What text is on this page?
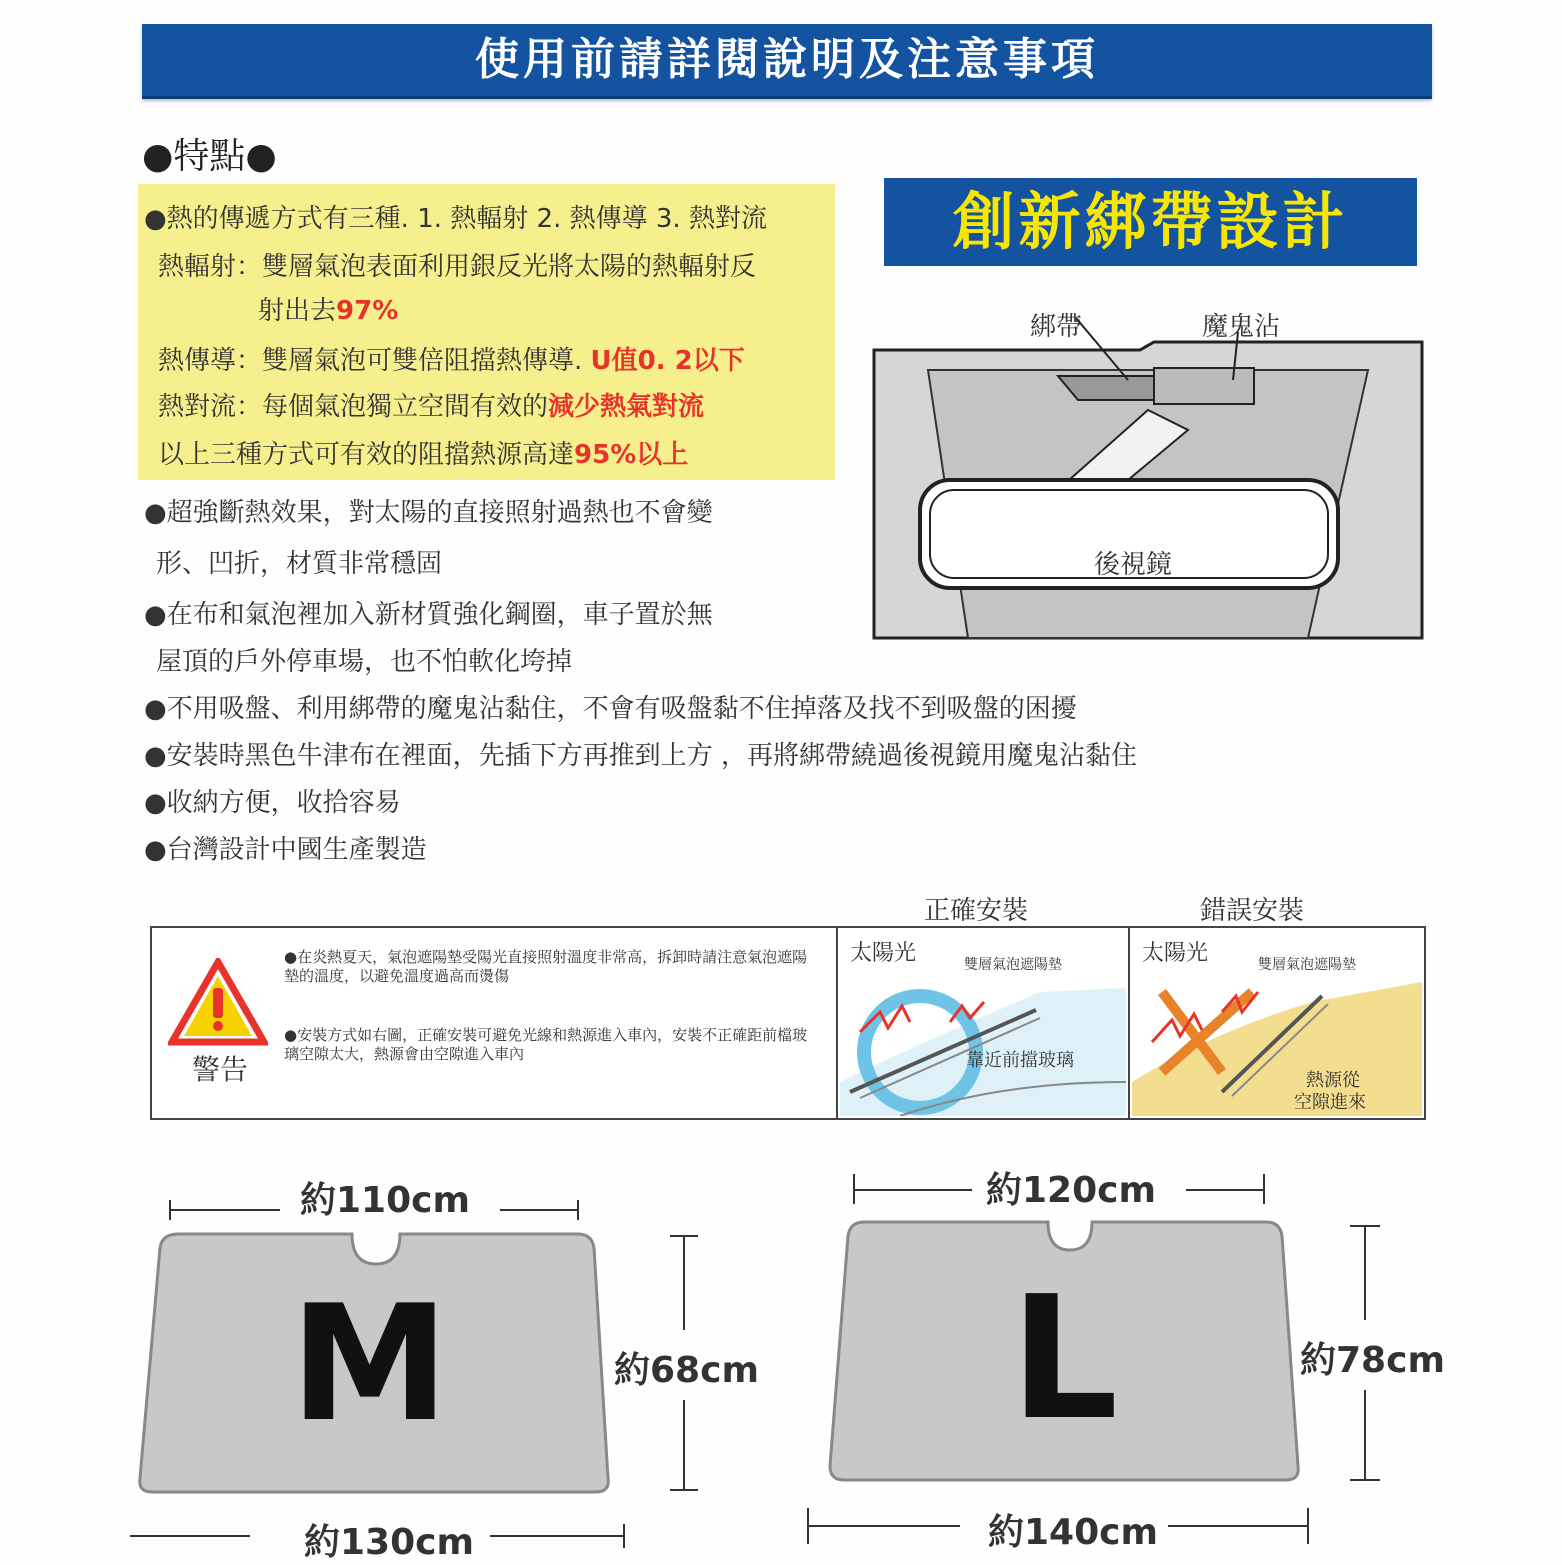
使用前請詳閱說明及注意事項
●特點●
●熱的傳遞方式有三種. 1. 熱輻射 2. 熱傳導 3. 熱對流
熱輻射：雙層氣泡表面利用銀反光將太陽的熱輻射反
射出去97%
熱傳導：雙層氣泡可雙倍阻擋熱傳導. U值0. 2以下
熱對流：每個氣泡獨立空間有效的減少熱氣對流
以上三種方式可有效的阻擋熱源高達95%以上
●超強斷熱效果，對太陽的直接照射過熱也不會變
形、凹折，材質非常穩固
●在布和氣泡裡加入新材質強化鋼圈，車子置於無
屋頂的戶外停車場，也不怕軟化垮掉
●不用吸盤、利用綁帶的魔鬼沾黏住，不會有吸盤黏不住掉落及找不到吸盤的困擾
●安裝時黑色牛津布在裡面，先插下方再推到上方 ，再將綁帶繞過後視鏡用魔鬼沾黏住
●收納方便，收拾容易
●台灣設計中國生產製造
創新綁帶設計
綁帶	魔鬼沾
後視鏡
正確安裝	錯誤安裝
警告
●在炎熱夏天，氣泡遮陽墊受陽光直接照射溫度非常高，拆卸時請注意氣泡遮陽墊的溫度，以避免溫度過高而燙傷
●安裝方式如右圖，正確安裝可避免光線和熱源進入車內，安裝不正確距前檔玻璃空隙太大，熱源會由空隙進入車內
太陽光	雙層氣泡遮陽墊
靠近前擋玻璃
太陽光	雙層氣泡遮陽墊
熱源從
空隙進來
M
約110cm
約68cm
約130cm
L
約120cm
約78cm
約140cm
